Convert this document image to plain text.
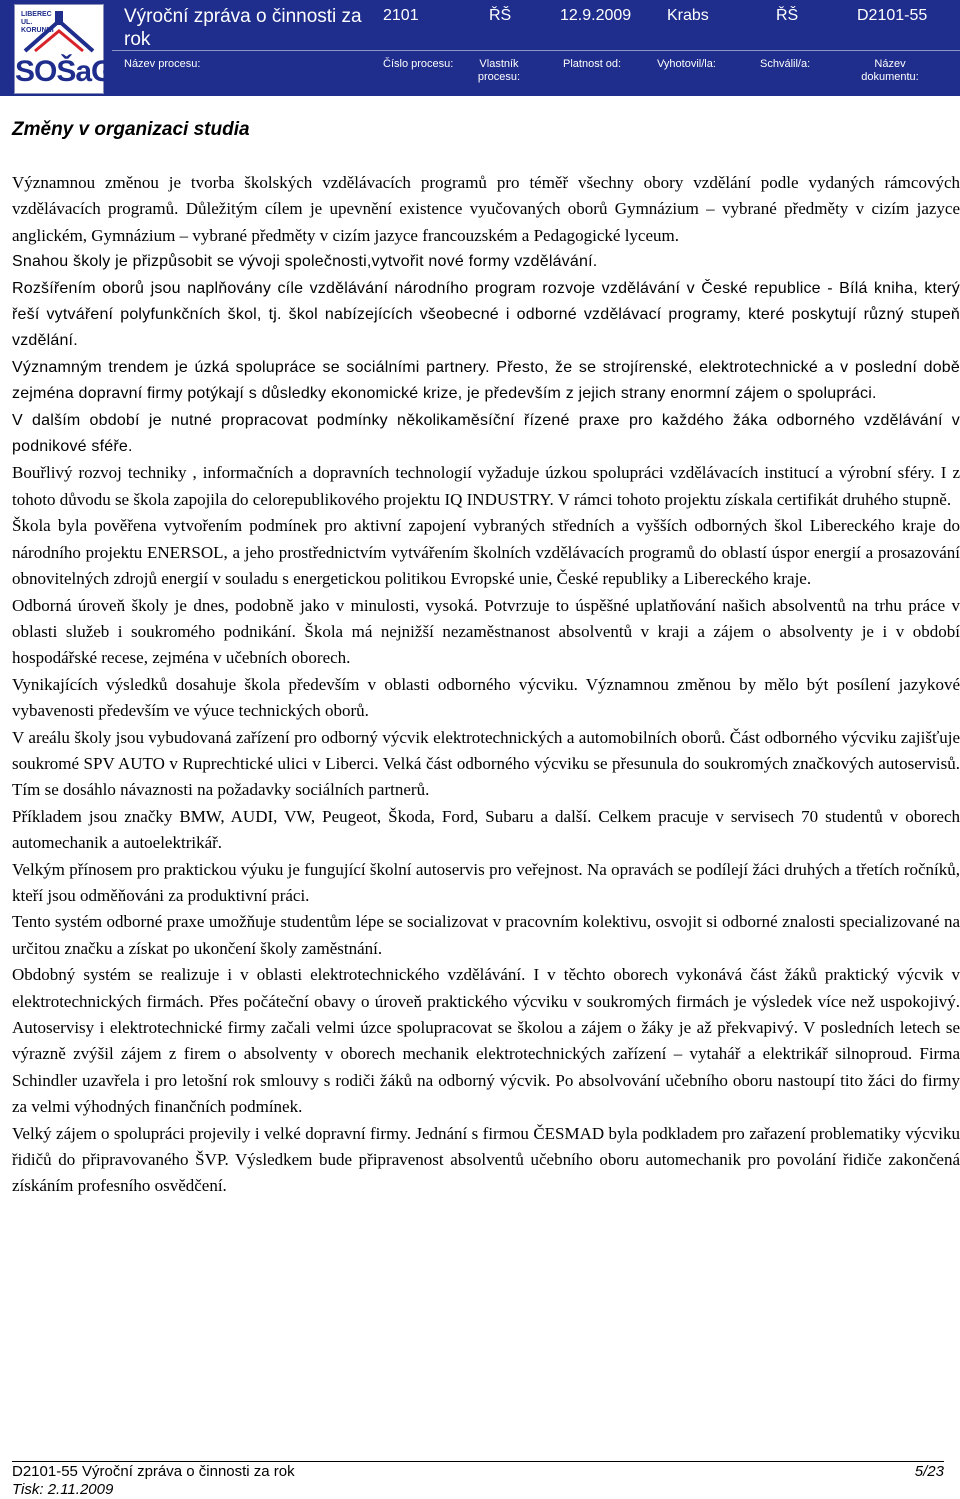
LIBEREC UL. KORUNNÍ
SOŠaG
Výroční zpráva o činnosti za rok
2101	ŘŠ	12.9.2009 Krabs	ŘŠ	D2101-55
Název procesu:	Číslo procesu:	Vlastník procesu:
Platnost od:	Vyhotovil/la:	Schválil/a:	Název dokumentu:
Změny v organizaci studia

Významnou změnou je tvorba školských vzdělávacích programů pro téměř všechny obory vzdělání podle vydaných rámcových vzdělávacích programů. Důležitým cílem je upevnění existence vyučovaných oborů Gymnázium – vybrané předměty v cizím jazyce anglickém, Gymnázium – vybrané předměty v cizím jazyce francouzském a Pedagogické lyceum.

Snahou školy je přizpůsobit se vývoji společnosti,vytvořit nové formy vzdělávání.

Rozšířením oborů jsou naplňovány cíle vzdělávání národního program rozvoje vzdělávání v České republice - Bílá kniha, který řeší vytváření polyfunkčních škol, tj. škol nabízejících všeobecné i odborné vzdělávací programy, které poskytují různý stupeň vzdělání.

Významným trendem je úzká spolupráce se sociálními partnery. Přesto, že se strojírenské, elektrotechnické a v poslední době zejména dopravní firmy potýkají s důsledky ekonomické krize, je především z jejich strany enormní zájem o spolupráci.

V dalším období je nutné propracovat podmínky několikaměsíční řízené praxe pro každého žáka odborného vzdělávání v podnikové sféře.

Bouřlivý rozvoj techniky , informačních a dopravních technologií vyžaduje úzkou spolupráci vzdělávacích institucí a výrobní sféry. I z tohoto důvodu se škola zapojila do celorepublikového projektu IQ INDUSTRY. V rámci tohoto projektu získala certifikát druhého stupně.

Škola byla pověřena vytvořením podmínek pro aktivní zapojení vybraných středních a vyšších odborných škol Libereckého kraje do národního projektu ENERSOL, a jeho prostřednictvím vytvářením školních vzdělávacích programů do oblastí úspor energií a prosazování obnovitelných zdrojů energií v souladu s energetickou politikou Evropské unie, České republiky a Libereckého kraje.

Odborná úroveň školy je dnes, podobně jako v minulosti, vysoká. Potvrzuje to úspěšné uplatňování našich absolventů na trhu práce v oblasti služeb i soukromého podnikání. Škola má nejnižší nezaměstnanost absolventů v kraji a zájem o absolventy je i v období hospodářské recese, zejména v učebních oborech.

Vynikajících výsledků dosahuje škola především v oblasti odborného výcviku. Významnou změnou by mělo být posílení jazykové vybavenosti především ve výuce technických oborů.

V areálu školy jsou vybudovaná zařízení pro odborný výcvik elektrotechnických a automobilních oborů. Část odborného výcviku zajišťuje soukromé SPV AUTO v Ruprechtické ulici v Liberci. Velká část odborného výcviku se přesunula do soukromých značkových autoservisů. Tím se dosáhlo návaznosti na požadavky sociálních partnerů.

Příkladem jsou značky BMW, AUDI, VW, Peugeot, Škoda, Ford, Subaru a další. Celkem pracuje v servisech 70 studentů v oborech automechanik a autoelektrikář.

Velkým přínosem pro praktickou výuku je fungující školní autoservis pro veřejnost. Na opravách se podílejí žáci druhých a třetích ročníků, kteří jsou odměňováni za produktivní práci.

Tento systém odborné praxe umožňuje studentům lépe se socializovat v pracovním kolektivu, osvojit si odborné znalosti specializované na určitou značku a získat po ukončení školy zaměstnání.

Obdobný systém se realizuje i v oblasti elektrotechnického vzdělávání. I v těchto oborech vykonává část žáků praktický výcvik v elektrotechnických firmách. Přes počáteční obavy o úroveň praktického výcviku v soukromých firmách je výsledek více než uspokojivý. Autoservisy i elektrotechnické firmy začali velmi úzce spolupracovat se školou a zájem o žáky je až překvapivý. V posledních letech se výrazně zvýšil zájem z firem o absolventy v oborech mechanik elektrotechnických zařízení – vytahář a elektrikář silnoproud. Firma Schindler uzavřela i pro letošní rok smlouvy s rodiči žáků na odborný výcvik. Po absolvování učebního oboru nastoupí tito žáci do firmy za velmi výhodných finančních podmínek.

Velký zájem o spolupráci projevily i velké dopravní firmy. Jednání s firmou ČESMAD byla podkladem pro zařazení problematiky výcviku řidičů do připravovaného ŠVP. Výsledkem bude připravenost absolventů učebního oboru automechanik pro povolání řidiče zakončená získáním profesního osvědčení.

D2101-55 Výroční zpráva o činnosti za rok	5/23
Tisk: 2.11.2009
